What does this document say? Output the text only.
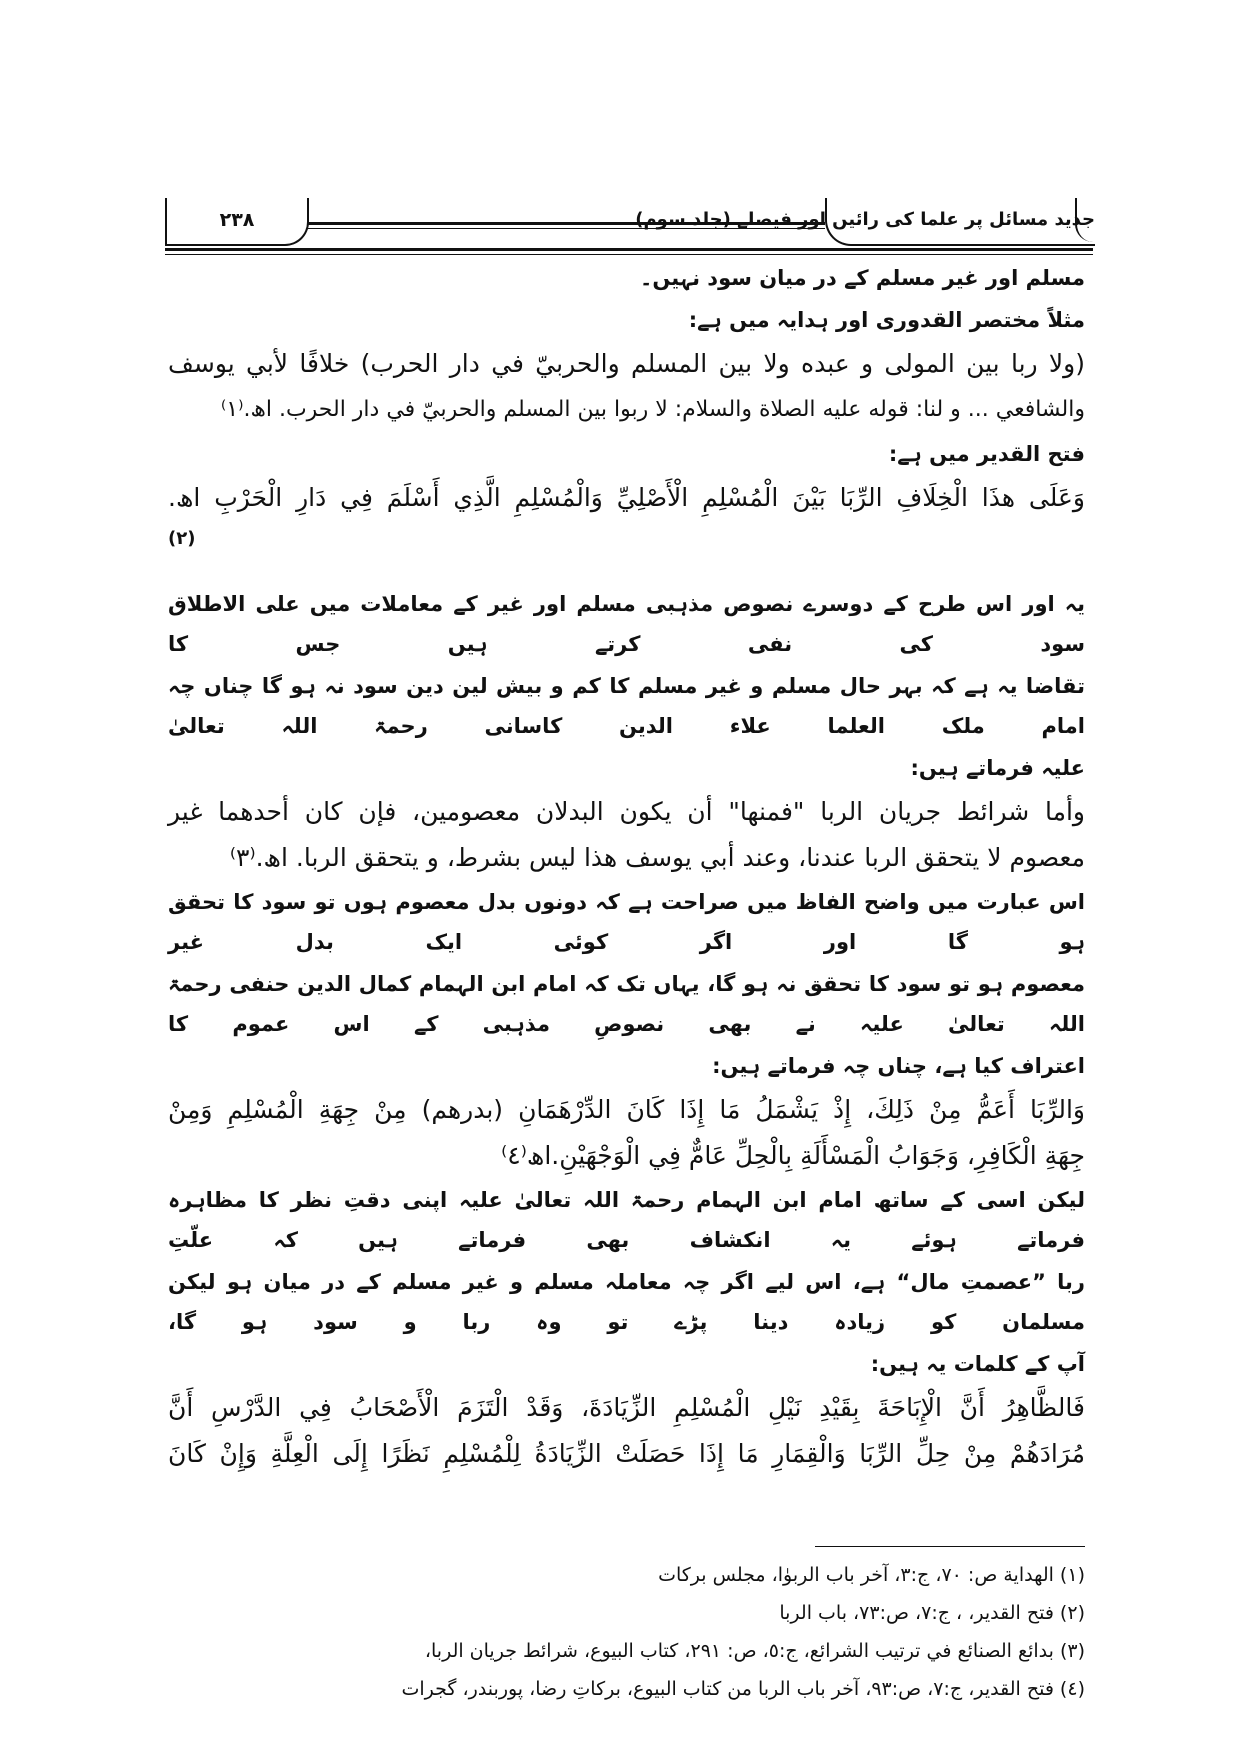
جدید مسائل پر علما کی رائیں اور فیصلے (جلد سوم)
٢٣٨
مسلم اور غیر مسلم کے در میان سود نہیں۔
مثلاً مختصر القدوری اور ہدایہ میں ہے:
(ولا ربا بين المولى و عبده ولا بين المسلم والحربيّ في دار الحرب) خلافًا لأبي يوسف
والشافعي ... و لنا: قوله عليه الصلاة والسلام: لا ربوا بين المسلم والحربيّ في دار الحرب. اھ.⁽١⁾
فتح القدیر میں ہے:
وَعَلَى هذَا الْخِلَافِ الرِّبَا بَيْنَ الْمُسْلِمِ الْأَصْلِيِّ وَالْمُسْلِمِ الَّذِي أَسْلَمَ فِي دَارِ الْحَرْبِ اھ.
(٢)
یہ اور اس طرح کے دوسرے نصوص مذہبی مسلم اور غیر کے معاملات میں علی الاطلاق سود کی نفی کرتے ہیں جس کا
تقاضا یہ ہے کہ بہر حال مسلم و غیر مسلم کا کم و بیش لین دین سود نہ ہو گا چناں چہ امام ملک العلما علاء الدین کاسانی رحمۃ اللہ تعالیٰ
علیہ فرماتے ہیں:
وأما شرائط جريان الربا "فمنها" أن يكون البدلان معصومين، فإن كان أحدهما غير
معصوم لا يتحقق الربا عندنا، وعند أبي يوسف هذا ليس بشرط، و يتحقق الربا. اھ.⁽٣⁾
اس عبارت میں واضح الفاظ میں صراحت ہے کہ دونوں بدل معصوم ہوں تو سود کا تحقق ہو گا اور اگر کوئی ایک بدل غیر
معصوم ہو تو سود کا تحقق نہ ہو گا، یہاں تک کہ امام ابن الہمام کمال الدین حنفی رحمۃ اللہ تعالیٰ علیہ نے بھی نصوصِ مذہبی کے اس عموم کا
اعتراف کیا ہے، چناں چہ فرماتے ہیں:
وَالرِّبَا أَعَمُّ مِنْ ذَلِكَ، إِذْ يَشْمَلُ مَا إِذَا كَانَ الدِّرْهَمَانِ (بدرهم) مِنْ جِهَةِ الْمُسْلِمِ وَمِنْ
جِهَةِ الْكَافِرِ، وَجَوَابُ الْمَسْأَلَةِ بِالْحِلِّ عَامٌّ فِي الْوَجْهَيْنِ.اھ⁽٤⁾
لیکن اسی کے ساتھ امام ابن الہمام رحمۃ اللہ تعالیٰ علیہ اپنی دقتِ نظر کا مظاہرہ فرماتے ہوئے یہ انکشاف بھی فرماتے ہیں کہ علّتِ
ربا ”عصمتِ مال“ ہے، اس لیے اگر چہ معاملہ مسلم و غیر مسلم کے در میان ہو لیکن مسلمان کو زیادہ دینا پڑے تو وہ ربا و سود ہو گا،
آپ کے کلمات یہ ہیں:
فَالظَّاهِرُ أَنَّ الْإِبَاحَةَ بِقَيْدِ نَيْلِ الْمُسْلِمِ الزِّيَادَةَ، وَقَدْ الْتَزَمَ الْأَصْحَابُ فِي الدَّرْسِ أَنَّ
مُرَادَهُمْ مِنْ حِلِّ الرِّبَا وَالْقِمَارِ مَا إِذَا حَصَلَتْ الزِّيَادَةُ لِلْمُسْلِمِ نَظَرًا إِلَى الْعِلَّةِ وَإِنْ كَانَ
(١) الهداية ص: ٧٠، ج:٣، آخر باب الربوٰا، مجلس بركات
(٢) فتح القدير، ، ج:٧، ص:٧٣، باب الربا
(٣) بدائع الصنائع في ترتيب الشرائع، ج:٥، ص: ٢٩١، كتاب البيوع، شرائط جريان الربا،
(٤) فتح القدير، ج:٧، ص:٩٣، آخر باب الربا من كتاب البيوع، بركاتِ رضا، پوربندر، گجرات
